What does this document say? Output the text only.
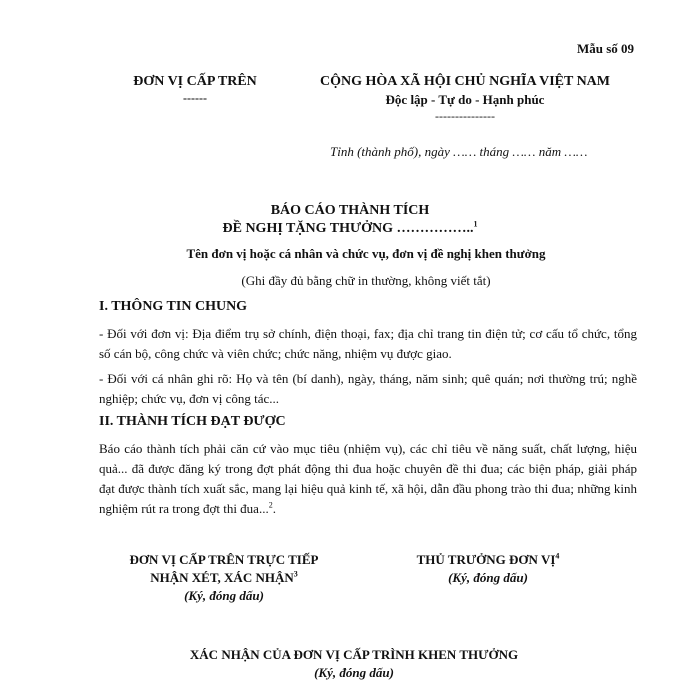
Mẫu số 09
ĐƠN VỊ CẤP TRÊN
------
CỘNG HÒA XÃ HỘI CHỦ NGHĨA VIỆT NAM
Độc lập - Tự do - Hạnh phúc
---------------
Tỉnh (thành phố), ngày …… tháng …… năm ……
BÁO CÁO THÀNH TÍCH
ĐỀ NGHỊ TẶNG THƯỞNG ……………..$^1$
Tên đơn vị hoặc cá nhân và chức vụ, đơn vị đề nghị khen thưởng
(Ghi đầy đủ bằng chữ in thường, không viết tắt)
I. THÔNG TIN CHUNG
- Đối với đơn vị: Địa điểm trụ sở chính, điện thoại, fax; địa chỉ trang tin điện tử; cơ cấu tổ chức, tổng số cán bộ, công chức và viên chức; chức năng, nhiệm vụ được giao.
- Đối với cá nhân ghi rõ: Họ và tên (bí danh), ngày, tháng, năm sinh; quê quán; nơi thường trú; nghề nghiệp; chức vụ, đơn vị công tác...
II. THÀNH TÍCH ĐẠT ĐƯỢC
Báo cáo thành tích phải căn cứ vào mục tiêu (nhiệm vụ), các chỉ tiêu về năng suất, chất lượng, hiệu quả... đã được đăng ký trong đợt phát động thi đua hoặc chuyên đề thi đua; các biện pháp, giải pháp đạt được thành tích xuất sắc, mang lại hiệu quả kinh tế, xã hội, dẫn đầu phong trào thi đua; những kinh nghiệm rút ra trong đợt thi đua...$^2$.
ĐƠN VỊ CẤP TRÊN TRỰC TIẾP
NHẬN XÉT, XÁC NHẬN$^3$
(Ký, đóng dấu)
THỦ TRƯỞNG ĐƠN VỊ$^4$
(Ký, đóng dấu)
XÁC NHẬN CỦA ĐƠN VỊ CẤP TRÌNH KHEN THƯỞNG
(Ký, đóng dấu)
